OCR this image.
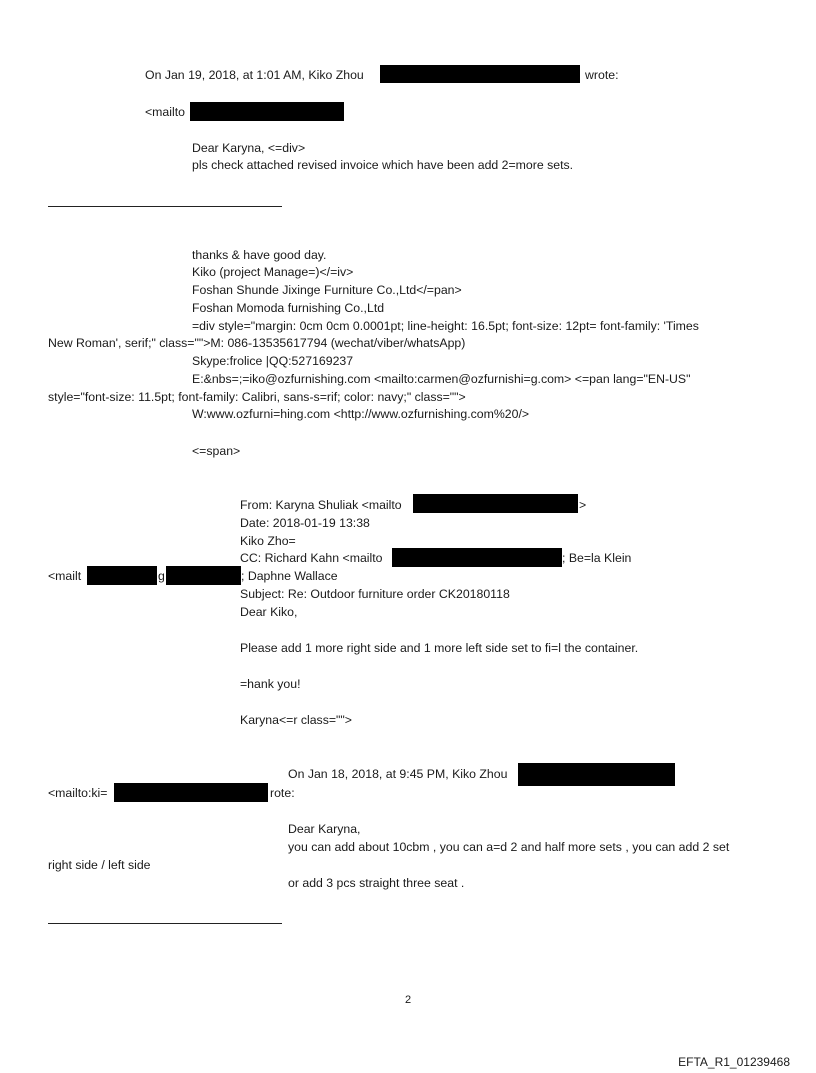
On Jan 19, 2018, at 1:01 AM, Kiko Zhou	wrote:
<mailto
Dear Karyna, <=div>
pls check attached revised invoice which have been add 2=more sets.
thanks & have good day.
Kiko (project Manage=)</=iv>
Foshan Shunde Jixinge Furniture Co.,Ltd</=pan>
Foshan Momoda furnishing Co.,Ltd
=div style="margin: 0cm 0cm 0.0001pt; line-height: 16.5pt; font-size: 12pt= font-family: 'Times
New Roman', serif;" class="">M: 086-13535617794 (wechat/viber/whatsApp)
Skype:frolice |QQ:527169237
E:&nbs=;=iko@ozfurnishing.com <mailto:carmen@ozfurnishi=g.com> <=pan lang="EN-US"
style="font-size: 11.5pt; font-family: Calibri, sans-s=rif; color: navy;" class="">
W:www.ozfurni=hing.com <http://www.ozfurnishing.com%20/>
<=span>
From: Karyna Shuliak <mailto	>
Date: 2018-01-19 13:38
Kiko Zho=
CC: Richard Kahn <mailto	; Be=la Klein
<mailt	g	; Daphne Wallace
Subject: Re: Outdoor furniture order CK20180118
Dear Kiko,
Please add 1 more right side and 1 more left side set to fi=l the container.
=hank you!
Karyna<=r class="">
On Jan 18, 2018, at 9:45 PM, Kiko Zhou
<mailto:ki=	rote:
Dear Karyna,
you can add about 10cbm , you can a=d 2 and half more sets , you can add 2 set
right side / left side
or add 3 pcs straight three seat .
2
EFTA_R1_01239468
